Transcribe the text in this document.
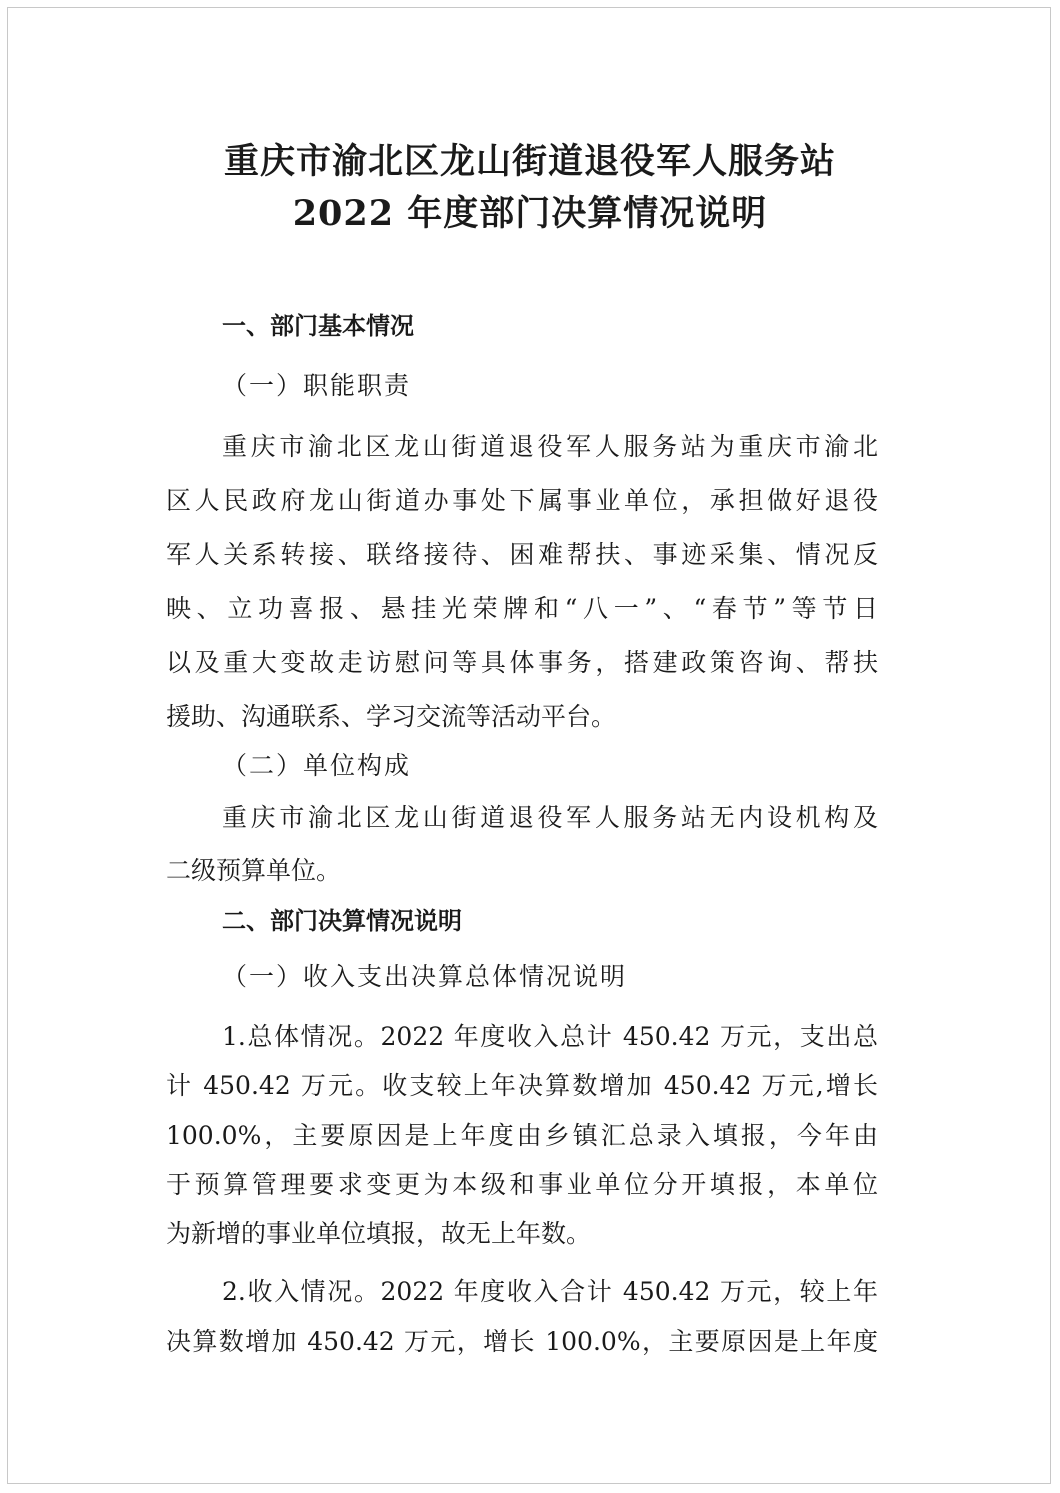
重庆市渝北区龙山街道退役军人服务站
2022 年度部门决算情况说明
一、部门基本情况
（一）职能职责
重庆市渝北区龙山街道退役军人服务站为重庆市渝北
区人民政府龙山街道办事处下属事业单位，承担做好退役
军人关系转接、联络接待、困难帮扶、事迹采集、情况反
映、立功喜报、悬挂光荣牌和“八一”、“春节”等节日
以及重大变故走访慰问等具体事务，搭建政策咨询、帮扶
援助、沟通联系、学习交流等活动平台。
（二）单位构成
重庆市渝北区龙山街道退役军人服务站无内设机构及
二级预算单位。
二、部门决算情况说明
（一）收入支出决算总体情况说明
1.总体情况。2022 年度收入总计 450.42 万元，支出总
计 450.42 万元。收支较上年决算数增加 450.42 万元,增长
100.0%，主要原因是上年度由乡镇汇总录入填报，今年由
于预算管理要求变更为本级和事业单位分开填报，本单位
为新增的事业单位填报，故无上年数。
2.收入情况。2022 年度收入合计 450.42 万元，较上年
决算数增加 450.42 万元，增长 100.0%，主要原因是上年度
